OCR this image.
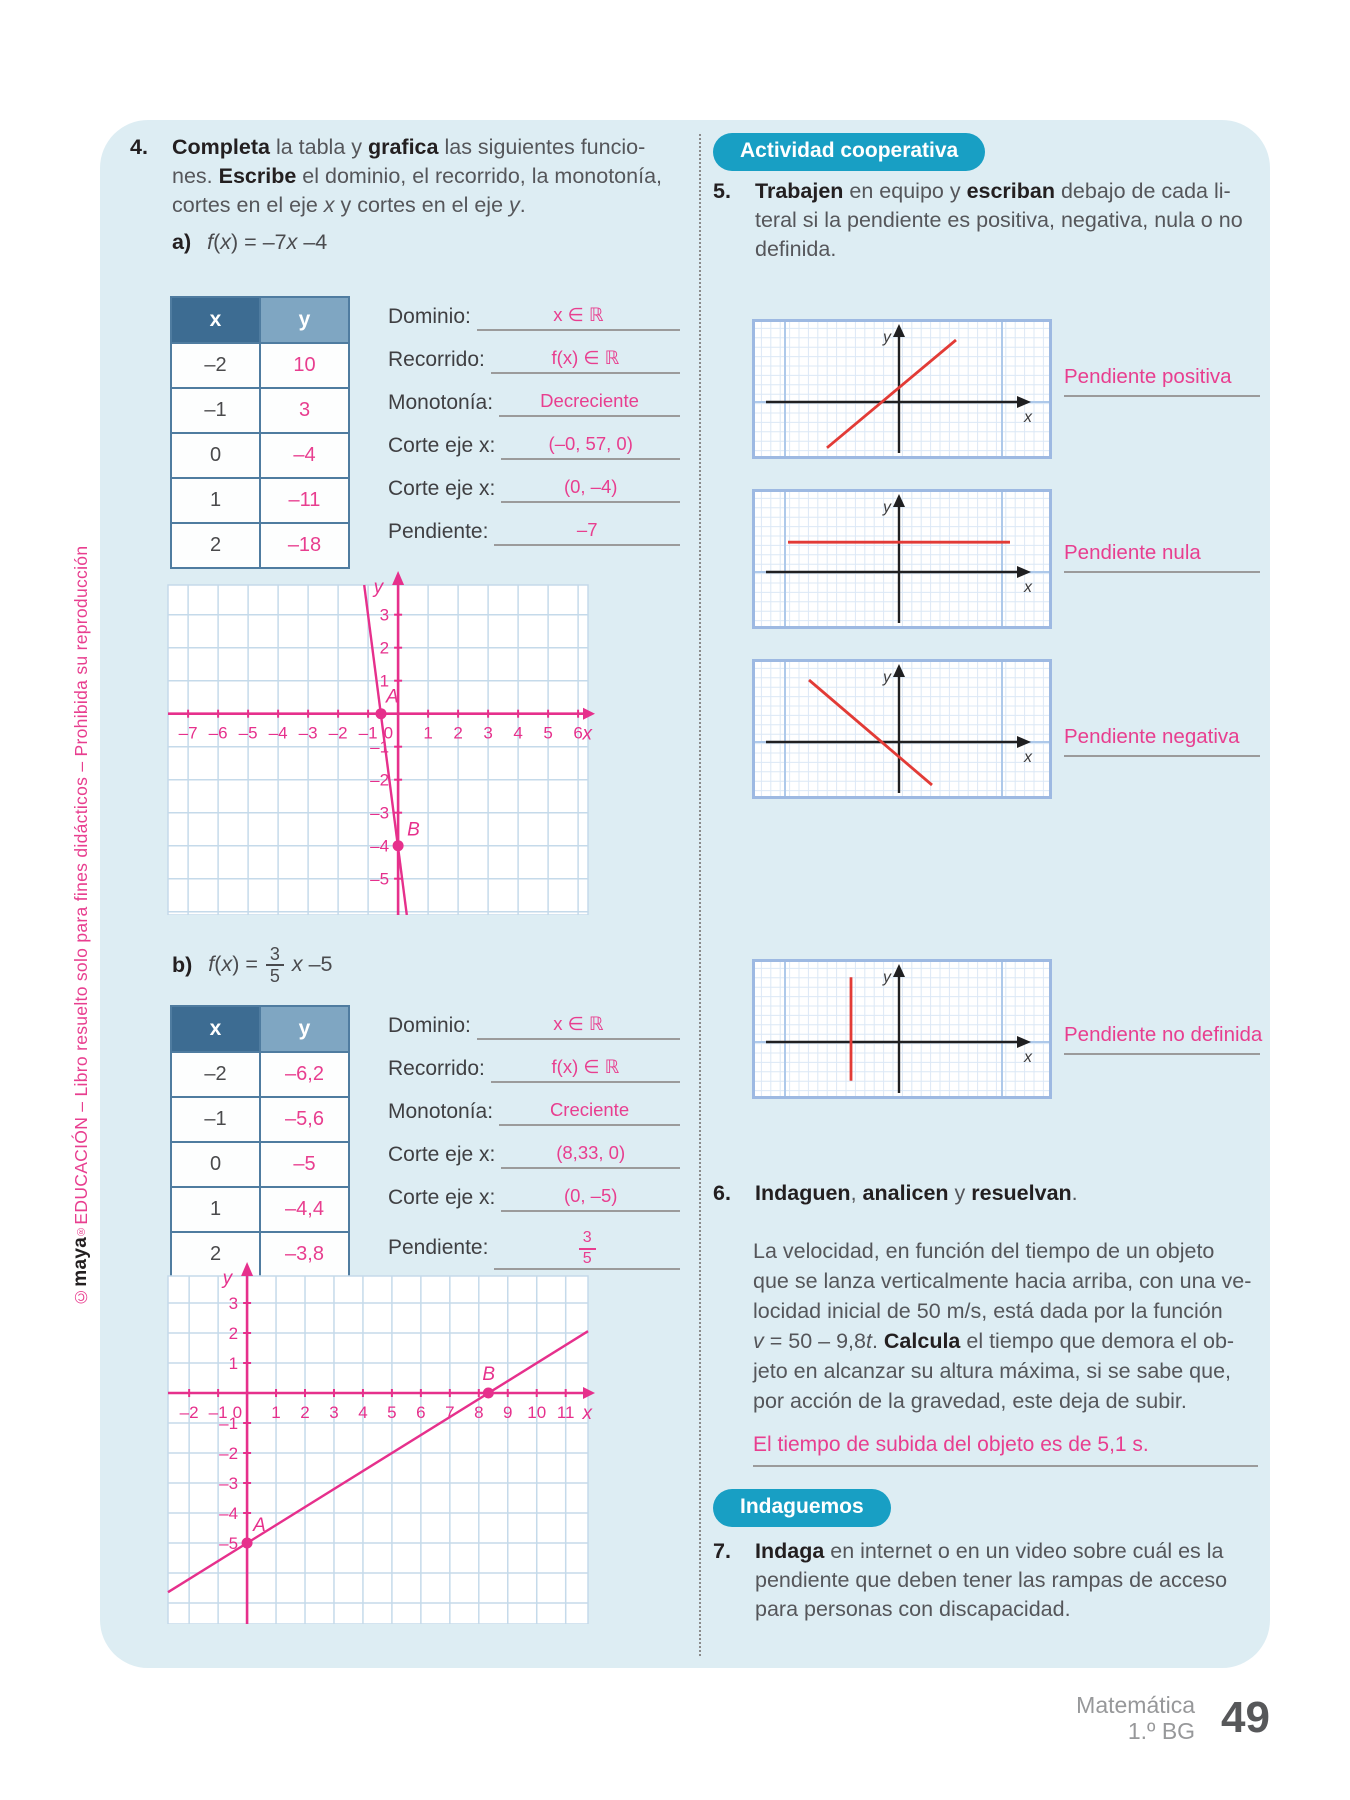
©maya®EDUCACIÓN – Libro resuelto solo para fines didácticos – Prohibida su reproducción
4.	Completa la tabla y grafica las siguientes funcio-
nes. Escribe el dominio, el recorrido, la monotonía,
cortes en el eje x y cortes en el eje y.
a) f(x) = –7x –4
x	y
–2	10
–1	3
0	–4
1	–11
2	–18
Dominio:	x ∈ ℝ
Recorrido:	f(x) ∈ ℝ
Monotonía:	Decreciente
Corte eje x:	(–0, 57, 0)
Corte eje x:	(0, –4)
Pendiente:	–7
–7 –6 –5 –4 –3 –2 –1	1 2 3 4 5 6
3
2
1
–1
–2
–3
–4
–5
0
y
x
A
B
b) $f(x) = \frac{3}{5}$ x –5
x	y
–2	–6,2
–1	–5,6
0	–5
1	–4,4
2	–3,8
Dominio:	x ∈ ℝ
Recorrido:	f(x) ∈ ℝ
Monotonía:	Creciente
Corte eje x:	(8,33, 0)
Corte eje x:	(0, –5)
Pendiente:	$\frac{3}{5}$
–2 –1	1 2 3 4 5 6 7 8 9 10 11
3
2
1
–1
–2
–3
–4
–5
0
y
x
A
B
Actividad cooperativa
5.	Trabajen en equipo y escriban debajo de cada li-
teral si la pendiente es positiva, negativa, nula o no
definida.
y
x
y
x
y
x
y
x
Pendiente positiva
Pendiente nula
Pendiente negativa
Pendiente no definida
6.	Indaguen, analicen y resuelvan.
La velocidad, en función del tiempo de un objeto
que se lanza verticalmente hacia arriba, con una ve-
locidad inicial de 50 m/s, está dada por la función
v = 50 – 9,8t. Calcula el tiempo que demora el ob-
jeto en alcanzar su altura máxima, si se sabe que,
por acción de la gravedad, este deja de subir.
El tiempo de subida del objeto es de 5,1 s.
Indaguemos
7.	Indaga en internet o en un video sobre cuál es la
pendiente que deben tener las rampas de acceso
para personas con discapacidad.
Matemática
1.º BG 49
